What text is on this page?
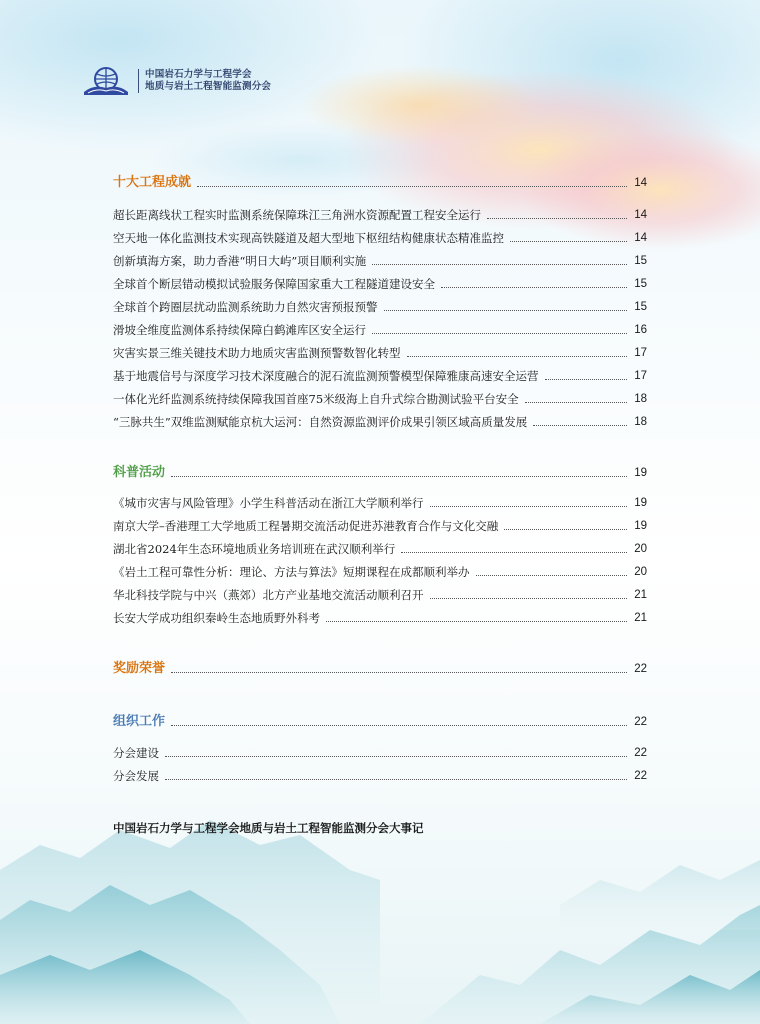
中国岩石力学与工程学会
地质与岩土工程智能监测分会
十大工程成就	14
超长距离线状工程实时监测系统保障珠江三角洲水资源配置工程安全运行	14
空天地一体化监测技术实现高铁隧道及超大型地下枢纽结构健康状态精准监控	14
创新填海方案，助力香港“明日大屿”项目顺利实施	15
全球首个断层错动模拟试验服务保障国家重大工程隧道建设安全	15
全球首个跨圈层扰动监测系统助力自然灾害预报预警	15
滑坡全维度监测体系持续保障白鹤滩库区安全运行	16
灾害实景三维关键技术助力地质灾害监测预警数智化转型	17
基于地震信号与深度学习技术深度融合的泥石流监测预警模型保障雅康高速安全运营	17
一体化光纤监测系统持续保障我国首座75米级海上自升式综合勘测试验平台安全	18
“三脉共生”双维监测赋能京杭大运河：自然资源监测评价成果引领区域高质量发展	18
科普活动	19
《城市灾害与风险管理》小学生科普活动在浙江大学顺利举行	19
南京大学–香港理工大学地质工程暑期交流活动促进苏港教育合作与文化交融	19
湖北省2024年生态环境地质业务培训班在武汉顺利举行	20
《岩土工程可靠性分析：理论、方法与算法》短期课程在成都顺利举办	20
华北科技学院与中兴（燕郊）北方产业基地交流活动顺利召开	21
长安大学成功组织秦岭生态地质野外科考	21
奖励荣誉	22
组织工作	22
分会建设	22
分会发展	22
中国岩石力学与工程学会地质与岩土工程智能监测分会大事记
